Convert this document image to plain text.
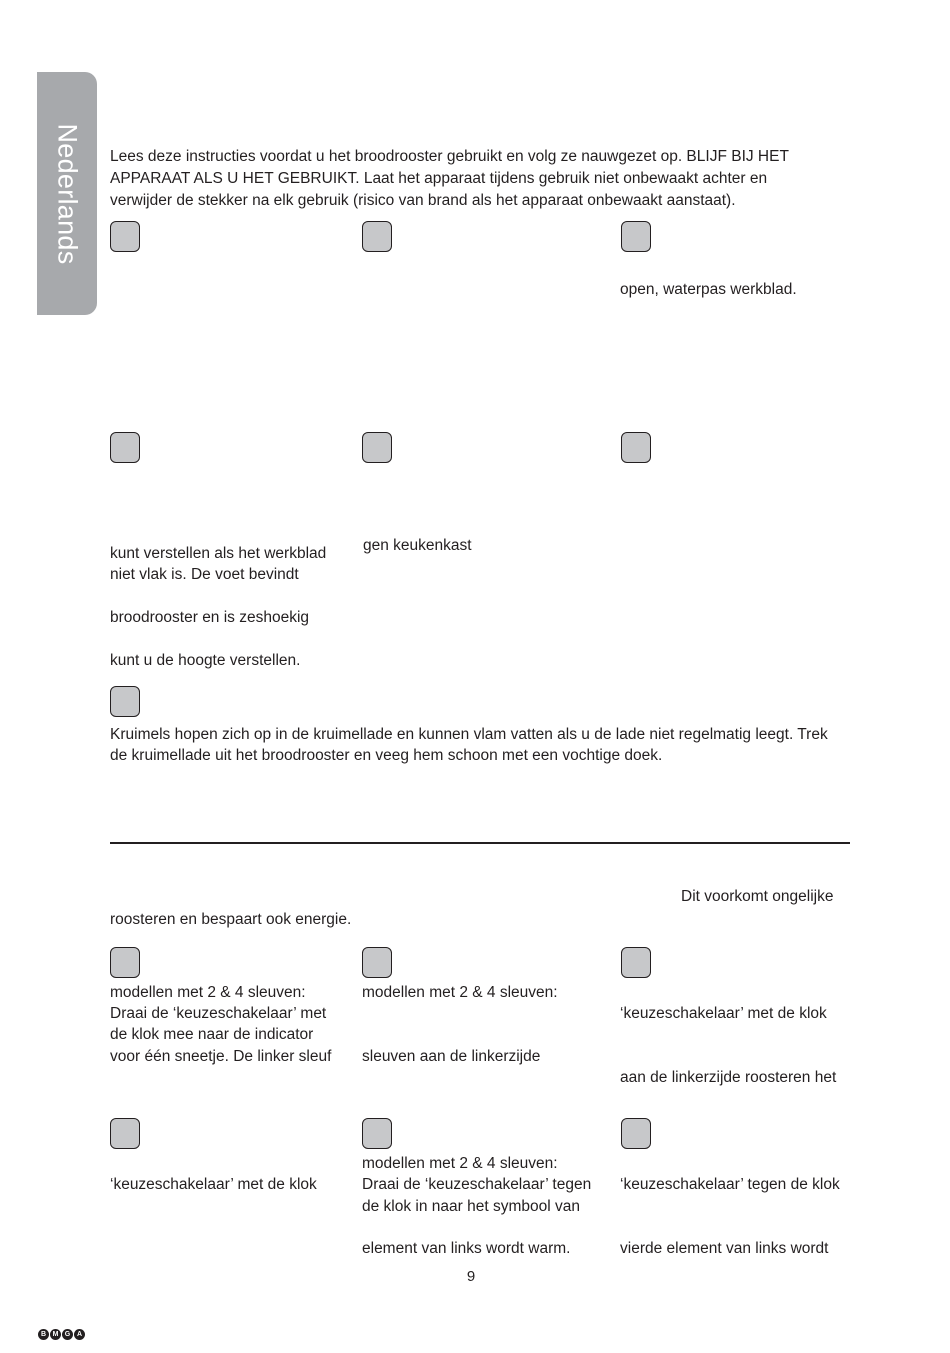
Nederlands Lees deze instructies voordat u het broodrooster gebruikt en volg ze nauwgezet op. BLIJF BIJ HET
APPARAAT ALS U HET GEBRUIKT. Laat het apparaat tijdens gebruik niet onbewaakt achter en
verwijder de stekker na elk gebruik (risico van brand als het apparaat onbewaakt aanstaat).
open, waterpas werkblad.
kunt verstellen als het werkblad
niet vlak is. De voet bevindt
broodrooster en is zeshoekig
kunt u de hoogte verstellen.
gen keukenkast
Kruimels hopen zich op in de kruimellade en kunnen vlam vatten als u de lade niet regelmatig leegt. Trek
de kruimellade uit het broodrooster en veeg hem schoon met een vochtige doek.
Dit voorkomt ongelijke
roosteren en bespaart ook energie.
modellen met 2 & 4 sleuven:
Draai de ‘keuzeschakelaar’ met
de klok mee naar de indicator
voor één sneetje. De linker sleuf
modellen met 2 & 4 sleuven:
sleuven aan de linkerzijde
‘keuzeschakelaar’ met de klok
aan de linkerzijde roosteren het
‘keuzeschakelaar’ met de klok
modellen met 2 & 4 sleuven:
Draai de ‘keuzeschakelaar’ tegen
de klok in naar het symbool van
element van links wordt warm.
‘keuzeschakelaar’ tegen de klok
vierde element van links wordt
9
B M G A
